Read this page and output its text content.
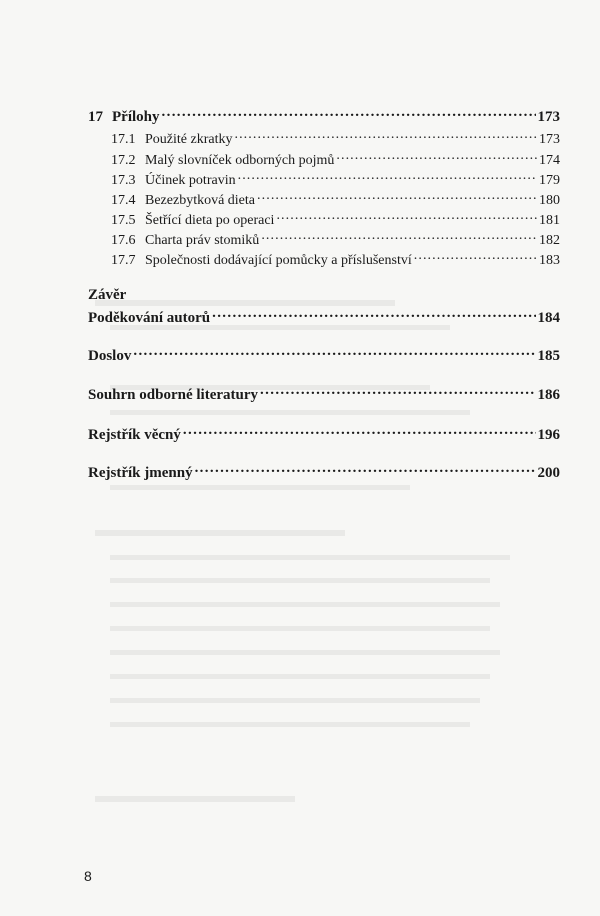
17 Přílohy . . .	173
17.1 Použité zkratky . . .	173
17.2 Malý slovníček odborných pojmů . . .	174
17.3 Účinek potravin . . .	179
17.4 Bezezbytková dieta . . .	180
17.5 Šetřící dieta po operaci . . .	181
17.6 Charta práv stomiků . . .	182
17.7 Společnosti dodávající pomůcky a příslušenství . . .	183
Závěr
Poděkování autorů . . .	184
Doslov . . .	185
Souhrn odborné literatury . . .	186
Rejstřík věcný . . .	196
Rejstřík jmenný . . .	200
8
